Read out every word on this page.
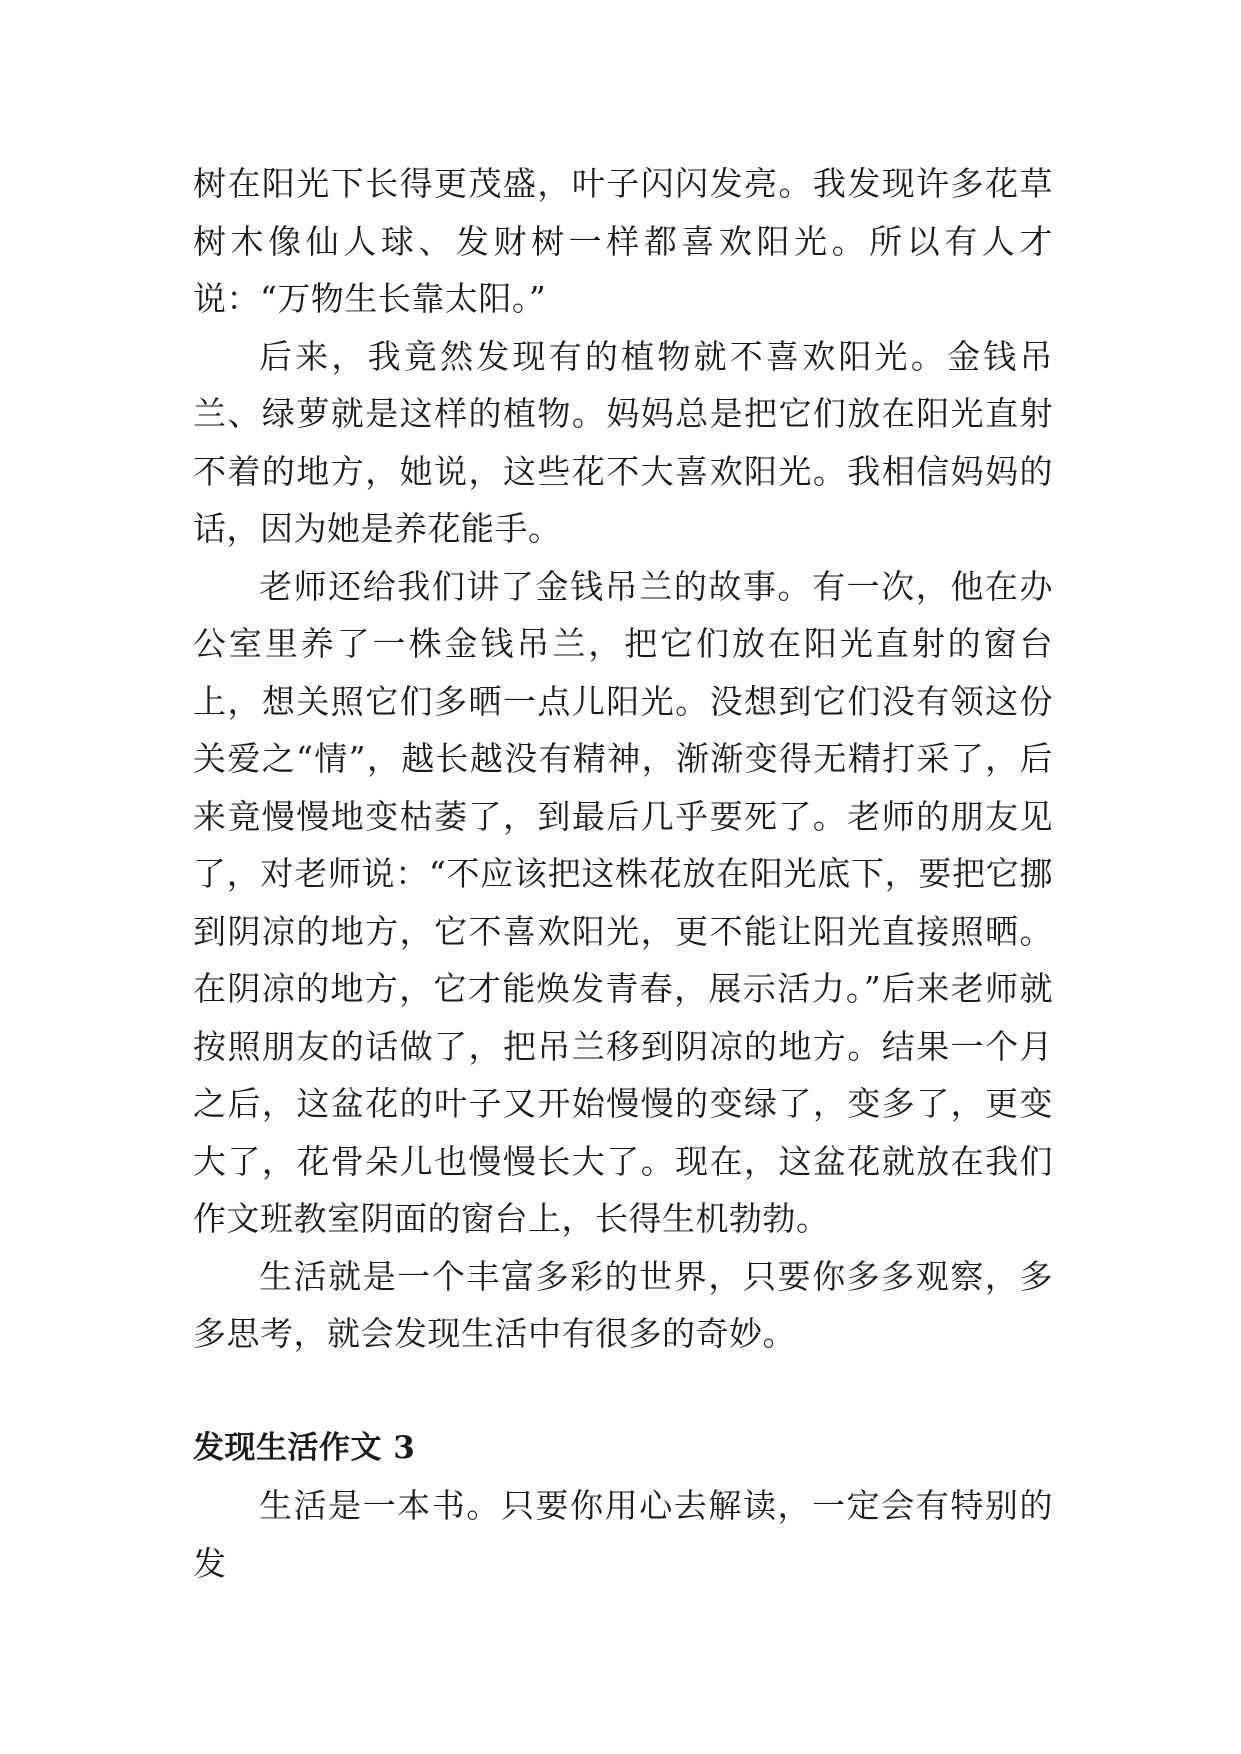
树在阳光下长得更茂盛，叶子闪闪发亮。我发现许多花草树木像仙人球、发财树一样都喜欢阳光。所以有人才说：“万物生长靠太阳。”

后来，我竟然发现有的植物就不喜欢阳光。金钱吊兰、绿萝就是这样的植物。妈妈总是把它们放在阳光直射不着的地方，她说，这些花不大喜欢阳光。我相信妈妈的话，因为她是养花能手。

老师还给我们讲了金钱吊兰的故事。有一次，他在办公室里养了一株金钱吊兰，把它们放在阳光直射的窗台上，想关照它们多晒一点儿阳光。没想到它们没有领这份关爱之“情”，越长越没有精神，渐渐变得无精打采了，后来竟慢慢地变枯萎了，到最后几乎要死了。老师的朋友见了，对老师说：“不应该把这株花放在阳光底下，要把它挪到阴凉的地方，它不喜欢阳光，更不能让阳光直接照晒。在阴凉的地方，它才能焕发青春，展示活力。”后来老师就按照朋友的话做了，把吊兰移到阴凉的地方。结果一个月之后，这盆花的叶子又开始慢慢的变绿了，变多了，更变大了，花骨朵儿也慢慢长大了。现在，这盆花就放在我们作文班教室阴面的窗台上，长得生机勃勃。

生活就是一个丰富多彩的世界，只要你多多观察，多多思考，就会发现生活中有很多的奇妙。

发现生活作文 3

生活是一本书。只要你用心去解读，一定会有特别的发
